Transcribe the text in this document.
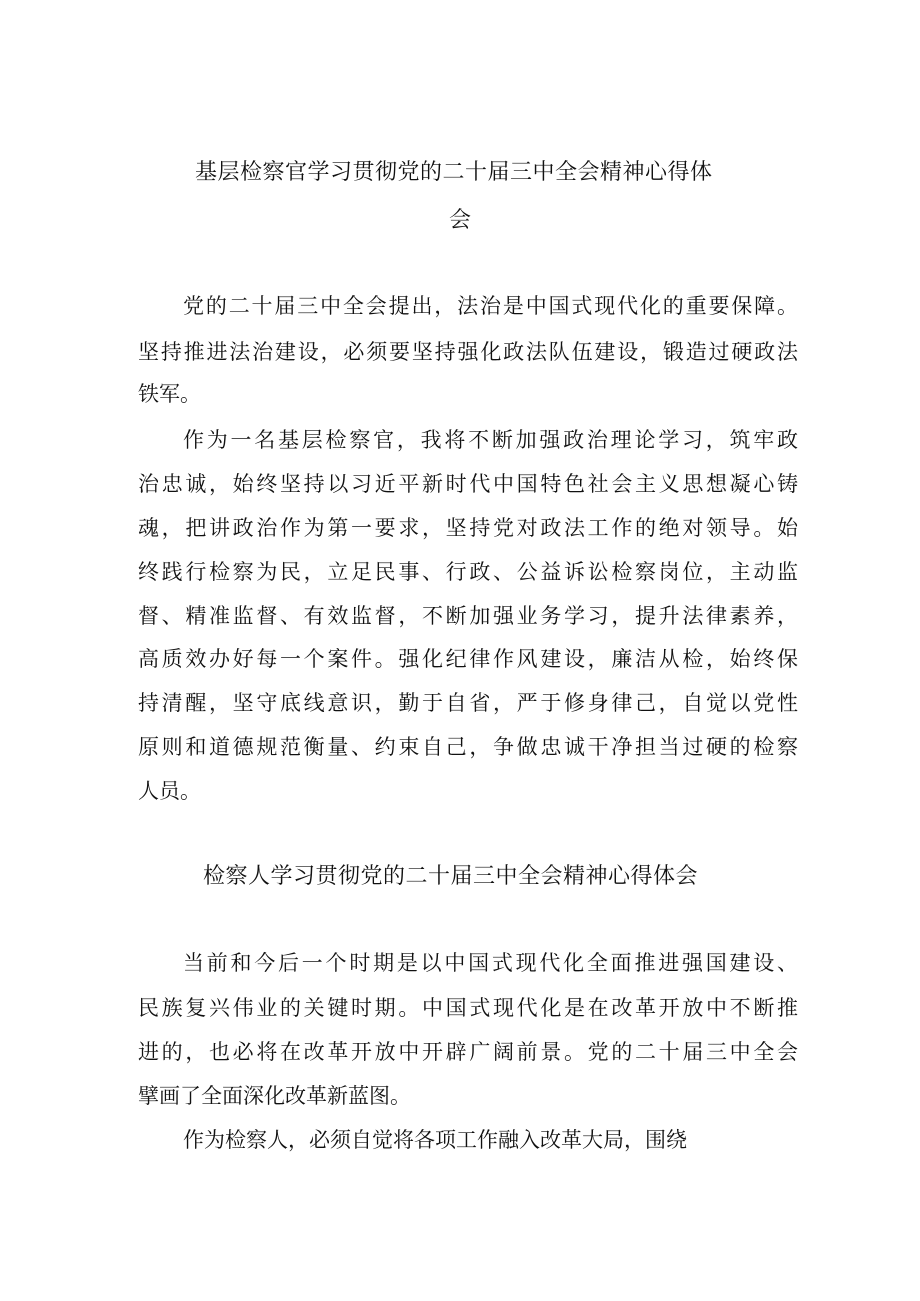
基层检察官学习贯彻党的二十届三中全会精神心得体
会
党的二十届三中全会提出，法治是中国式现代化的重要保障。
坚持推进法治建设，必须要坚持强化政法队伍建设，锻造过硬政法
铁军。
作为一名基层检察官，我将不断加强政治理论学习，筑牢政
治忠诚，始终坚持以习近平新时代中国特色社会主义思想凝心铸
魂，把讲政治作为第一要求，坚持党对政法工作的绝对领导。始
终践行检察为民，立足民事、行政、公益诉讼检察岗位，主动监
督、精准监督、有效监督，不断加强业务学习，提升法律素养，
高质效办好每一个案件。强化纪律作风建设，廉洁从检，始终保
持清醒，坚守底线意识，勤于自省，严于修身律己，自觉以党性
原则和道德规范衡量、约束自己，争做忠诚干净担当过硬的检察
人员。
检察人学习贯彻党的二十届三中全会精神心得体会
当前和今后一个时期是以中国式现代化全面推进强国建设、
民族复兴伟业的关键时期。中国式现代化是在改革开放中不断推
进的，也必将在改革开放中开辟广阔前景。党的二十届三中全会
擘画了全面深化改革新蓝图。
作为检察人，必须自觉将各项工作融入改革大局，围绕
